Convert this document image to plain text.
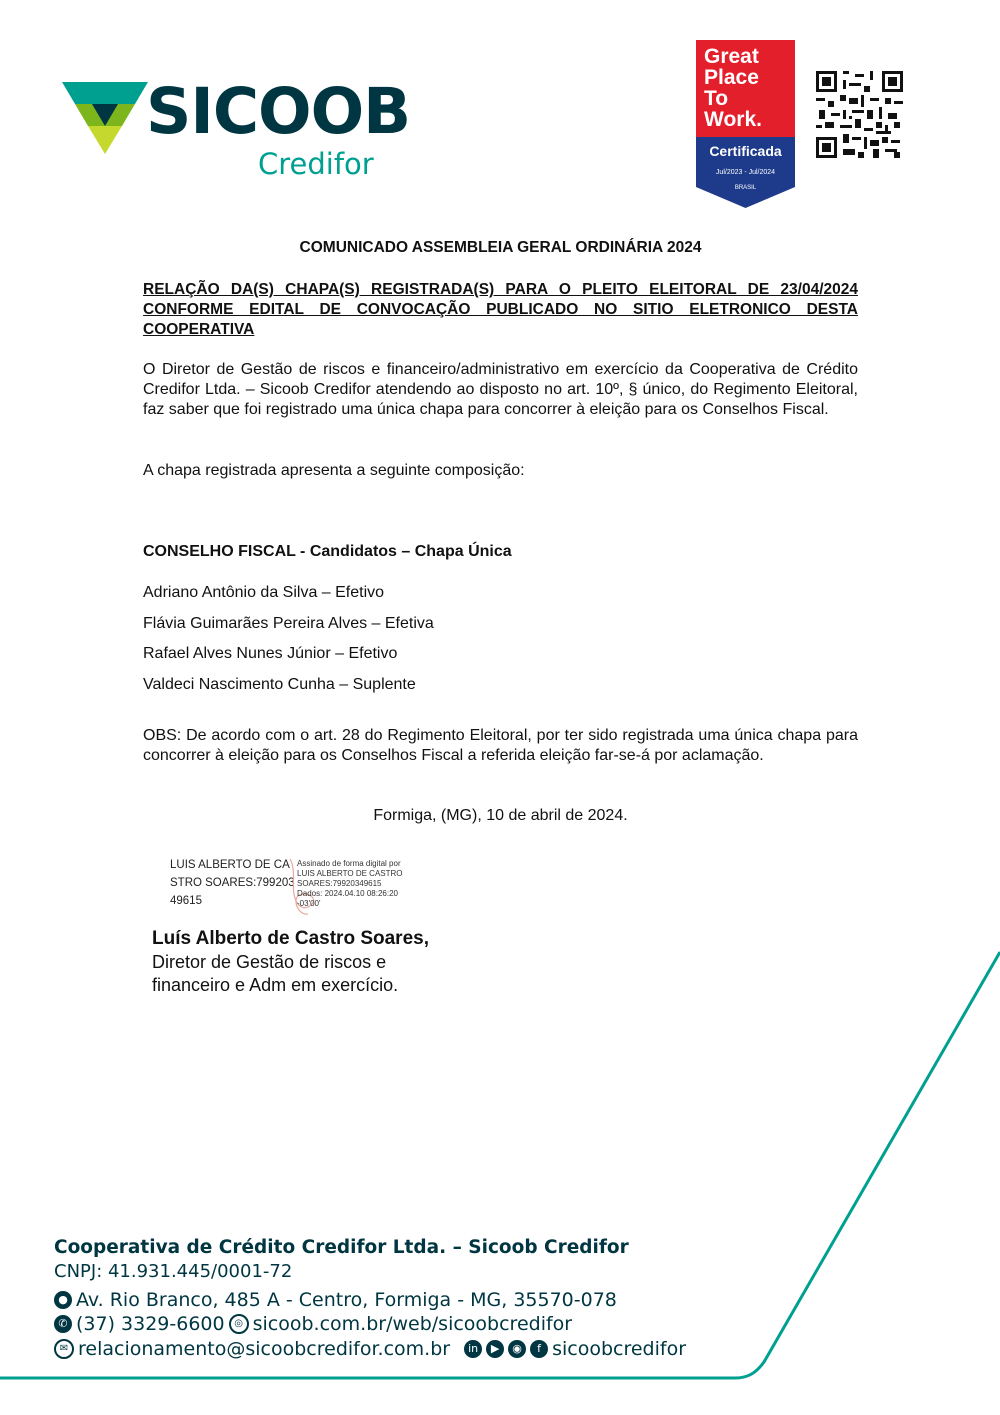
SICOOB
Credifor
Great
Place
To
Work.
Certificada
Jul/2023 - Jul/2024
BRASIL
COMUNICADO ASSEMBLEIA GERAL ORDINÁRIA 2024
RELAÇÃO DA(S) CHAPA(S) REGISTRADA(S) PARA O PLEITO ELEITORAL DE 23/04/2024 CONFORME EDITAL DE CONVOCAÇÃO PUBLICADO NO SITIO ELETRONICO DESTA COOPERATIVA
O Diretor de Gestão de riscos e financeiro/administrativo em exercício da Cooperativa de Crédito Credifor Ltda. – Sicoob Credifor atendendo ao disposto no art. 10º, § único, do Regimento Eleitoral, faz saber que foi registrado uma única chapa para concorrer à eleição para os Conselhos Fiscal.
A chapa registrada apresenta a seguinte composição:
CONSELHO FISCAL - Candidatos – Chapa Única
Adriano Antônio da Silva – Efetivo
Flávia Guimarães Pereira Alves – Efetiva
Rafael Alves Nunes Júnior – Efetivo
Valdeci Nascimento Cunha – Suplente
OBS: De acordo com o art. 28 do Regimento Eleitoral, por ter sido registrada uma única chapa para concorrer à eleição para os Conselhos Fiscal a referida eleição far-se-á por aclamação.
Formiga, (MG), 10 de abril de 2024.
LUIS ALBERTO DE CASTRO SOARES:79920349615
Assinado de forma digital por
LUIS ALBERTO DE CASTRO
SOARES:79920349615
Dados: 2024.04.10 08:26:20
-03'00'
Luís Alberto de Castro Soares,
Diretor de Gestão de riscos e financeiro e Adm em exercício.
Cooperativa de Crédito Credifor Ltda. – Sicoob Credifor
CNPJ: 41.931.445/0001-72
● Av. Rio Branco, 485 A - Centro, Formiga - MG, 35570-078
✆ (37) 3329-6600 ◎ sicoob.com.br/web/sicoobcredifor
✉ relacionamento@sicoobcredifor.com.br	in	▶	◉	f sicoobcredifor
